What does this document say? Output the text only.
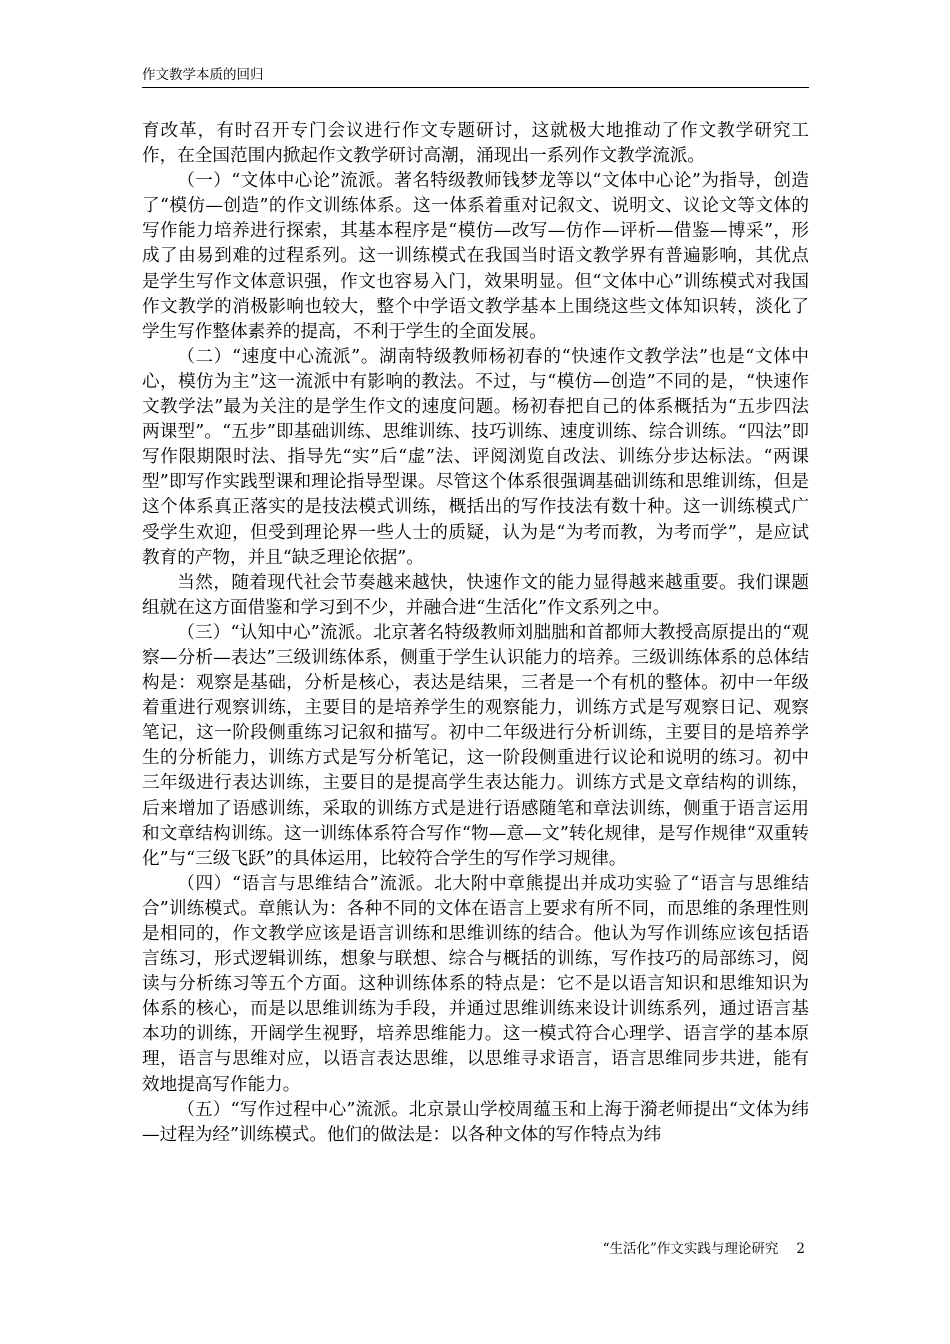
作文教学本质的回归

育改革，有时召开专门会议进行作文专题研讨，这就极大地推动了作文教学研究工作，在全国范围内掀起作文教学研讨高潮，涌现出一系列作文教学流派。

（一）“文体中心论”流派。著名特级教师钱梦龙等以“文体中心论”为指导，创造了“模仿—创造”的作文训练体系。这一体系着重对记叙文、说明文、议论文等文体的写作能力培养进行探索，其基本程序是“模仿—改写—仿作—评析—借鉴—博采”，形成了由易到难的过程系列。这一训练模式在我国当时语文教学界有普遍影响，其优点是学生写作文体意识强，作文也容易入门，效果明显。但“文体中心”训练模式对我国作文教学的消极影响也较大，整个中学语文教学基本上围绕这些文体知识转，淡化了学生写作整体素养的提高，不利于学生的全面发展。

（二）“速度中心流派”。湖南特级教师杨初春的“快速作文教学法”也是“文体中心，模仿为主”这一流派中有影响的教法。不过，与“模仿—创造”不同的是，“快速作文教学法”最为关注的是学生作文的速度问题。杨初春把自己的体系概括为“五步四法两课型”。“五步”即基础训练、思维训练、技巧训练、速度训练、综合训练。“四法”即写作限期限时法、指导先“实”后“虚”法、评阅浏览自改法、训练分步达标法。“两课型”即写作实践型课和理论指导型课。尽管这个体系很强调基础训练和思维训练，但是这个体系真正落实的是技法模式训练，概括出的写作技法有数十种。这一训练模式广受学生欢迎，但受到理论界一些人士的质疑，认为是“为考而教，为考而学”，是应试教育的产物，并且“缺乏理论依据”。

当然，随着现代社会节奏越来越快，快速作文的能力显得越来越重要。我们课题组就在这方面借鉴和学习到不少，并融合进“生活化”作文系列之中。

（三）“认知中心”流派。北京著名特级教师刘朏朏和首都师大教授高原提出的“观察—分析—表达”三级训练体系，侧重于学生认识能力的培养。三级训练体系的总体结构是：观察是基础，分析是核心，表达是结果，三者是一个有机的整体。初中一年级着重进行观察训练，主要目的是培养学生的观察能力，训练方式是写观察日记、观察笔记，这一阶段侧重练习记叙和描写。初中二年级进行分析训练，主要目的是培养学生的分析能力，训练方式是写分析笔记，这一阶段侧重进行议论和说明的练习。初中三年级进行表达训练，主要目的是提高学生表达能力。训练方式是文章结构的训练，后来增加了语感训练，采取的训练方式是进行语感随笔和章法训练，侧重于语言运用和文章结构训练。这一训练体系符合写作“物—意—文”转化规律，是写作规律“双重转化”与“三级飞跃”的具体运用，比较符合学生的写作学习规律。

（四）“语言与思维结合”流派。北大附中章熊提出并成功实验了“语言与思维结合”训练模式。章熊认为：各种不同的文体在语言上要求有所不同，而思维的条理性则是相同的，作文教学应该是语言训练和思维训练的结合。他认为写作训练应该包括语言练习，形式逻辑训练，想象与联想、综合与概括的训练，写作技巧的局部练习，阅读与分析练习等五个方面。这种训练体系的特点是：它不是以语言知识和思维知识为体系的核心，而是以思维训练为手段，并通过思维训练来设计训练系列，通过语言基本功的训练，开阔学生视野，培养思维能力。这一模式符合心理学、语言学的基本原理，语言与思维对应，以语言表达思维，以思维寻求语言，语言思维同步共进，能有效地提高写作能力。

（五）“写作过程中心”流派。北京景山学校周蕴玉和上海于漪老师提出“文体为纬—过程为经”训练模式。他们的做法是：以各种文体的写作特点为纬

“生活化”作文实践与理论研究 2
